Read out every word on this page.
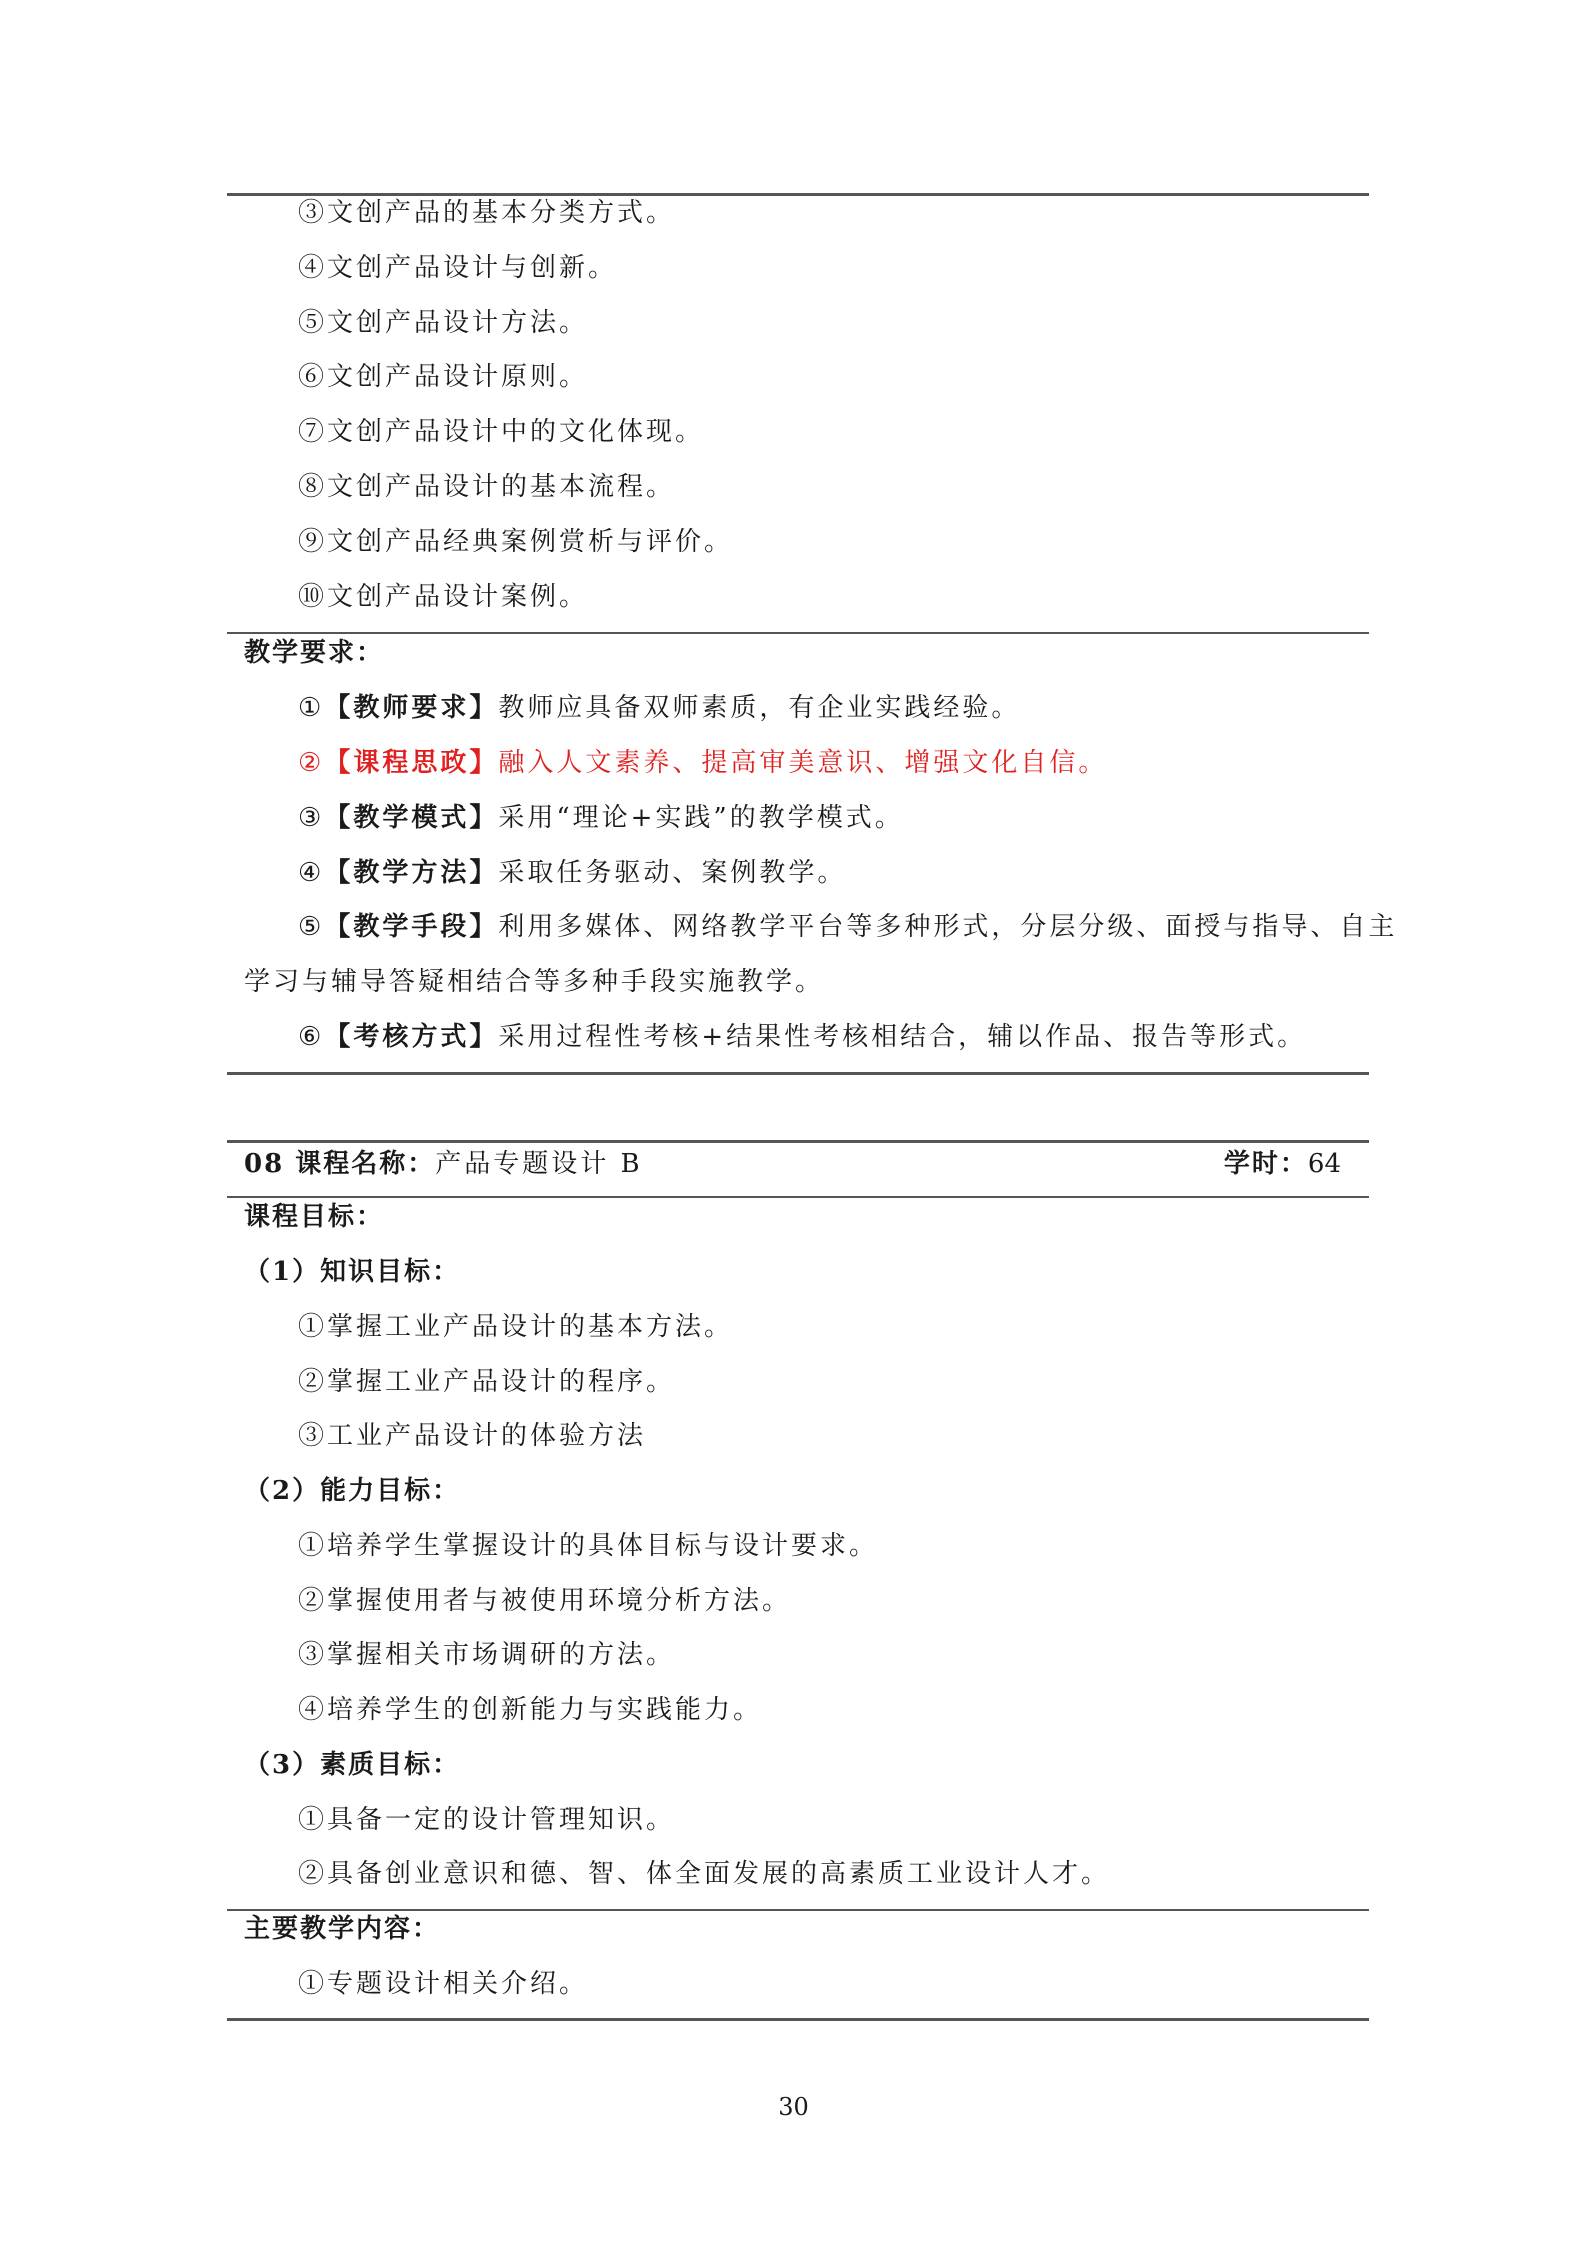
③文创产品的基本分类方式。
④文创产品设计与创新。
⑤文创产品设计方法。
⑥文创产品设计原则。
⑦文创产品设计中的文化体现。
⑧文创产品设计的基本流程。
⑨文创产品经典案例赏析与评价。
⑩文创产品设计案例。
教学要求：
①【教师要求】教师应具备双师素质，有企业实践经验。
②【课程思政】融入人文素养、提高审美意识、增强文化自信。
③【教学模式】采用“理论+实践”的教学模式。
④【教学方法】采取任务驱动、案例教学。
⑤【教学手段】利用多媒体、网络教学平台等多种形式，分层分级、面授与指导、自主
学习与辅导答疑相结合等多种手段实施教学。
⑥【考核方式】采用过程性考核+结果性考核相结合，辅以作品、报告等形式。
08 课程名称：产品专题设计 B	学时：64
课程目标：
（1）知识目标：
①掌握工业产品设计的基本方法。
②掌握工业产品设计的程序。
③工业产品设计的体验方法
（2）能力目标：
①培养学生掌握设计的具体目标与设计要求。
②掌握使用者与被使用环境分析方法。
③掌握相关市场调研的方法。
④培养学生的创新能力与实践能力。
（3）素质目标：
①具备一定的设计管理知识。
②具备创业意识和德、智、体全面发展的高素质工业设计人才。
主要教学内容：
①专题设计相关介绍。
30
